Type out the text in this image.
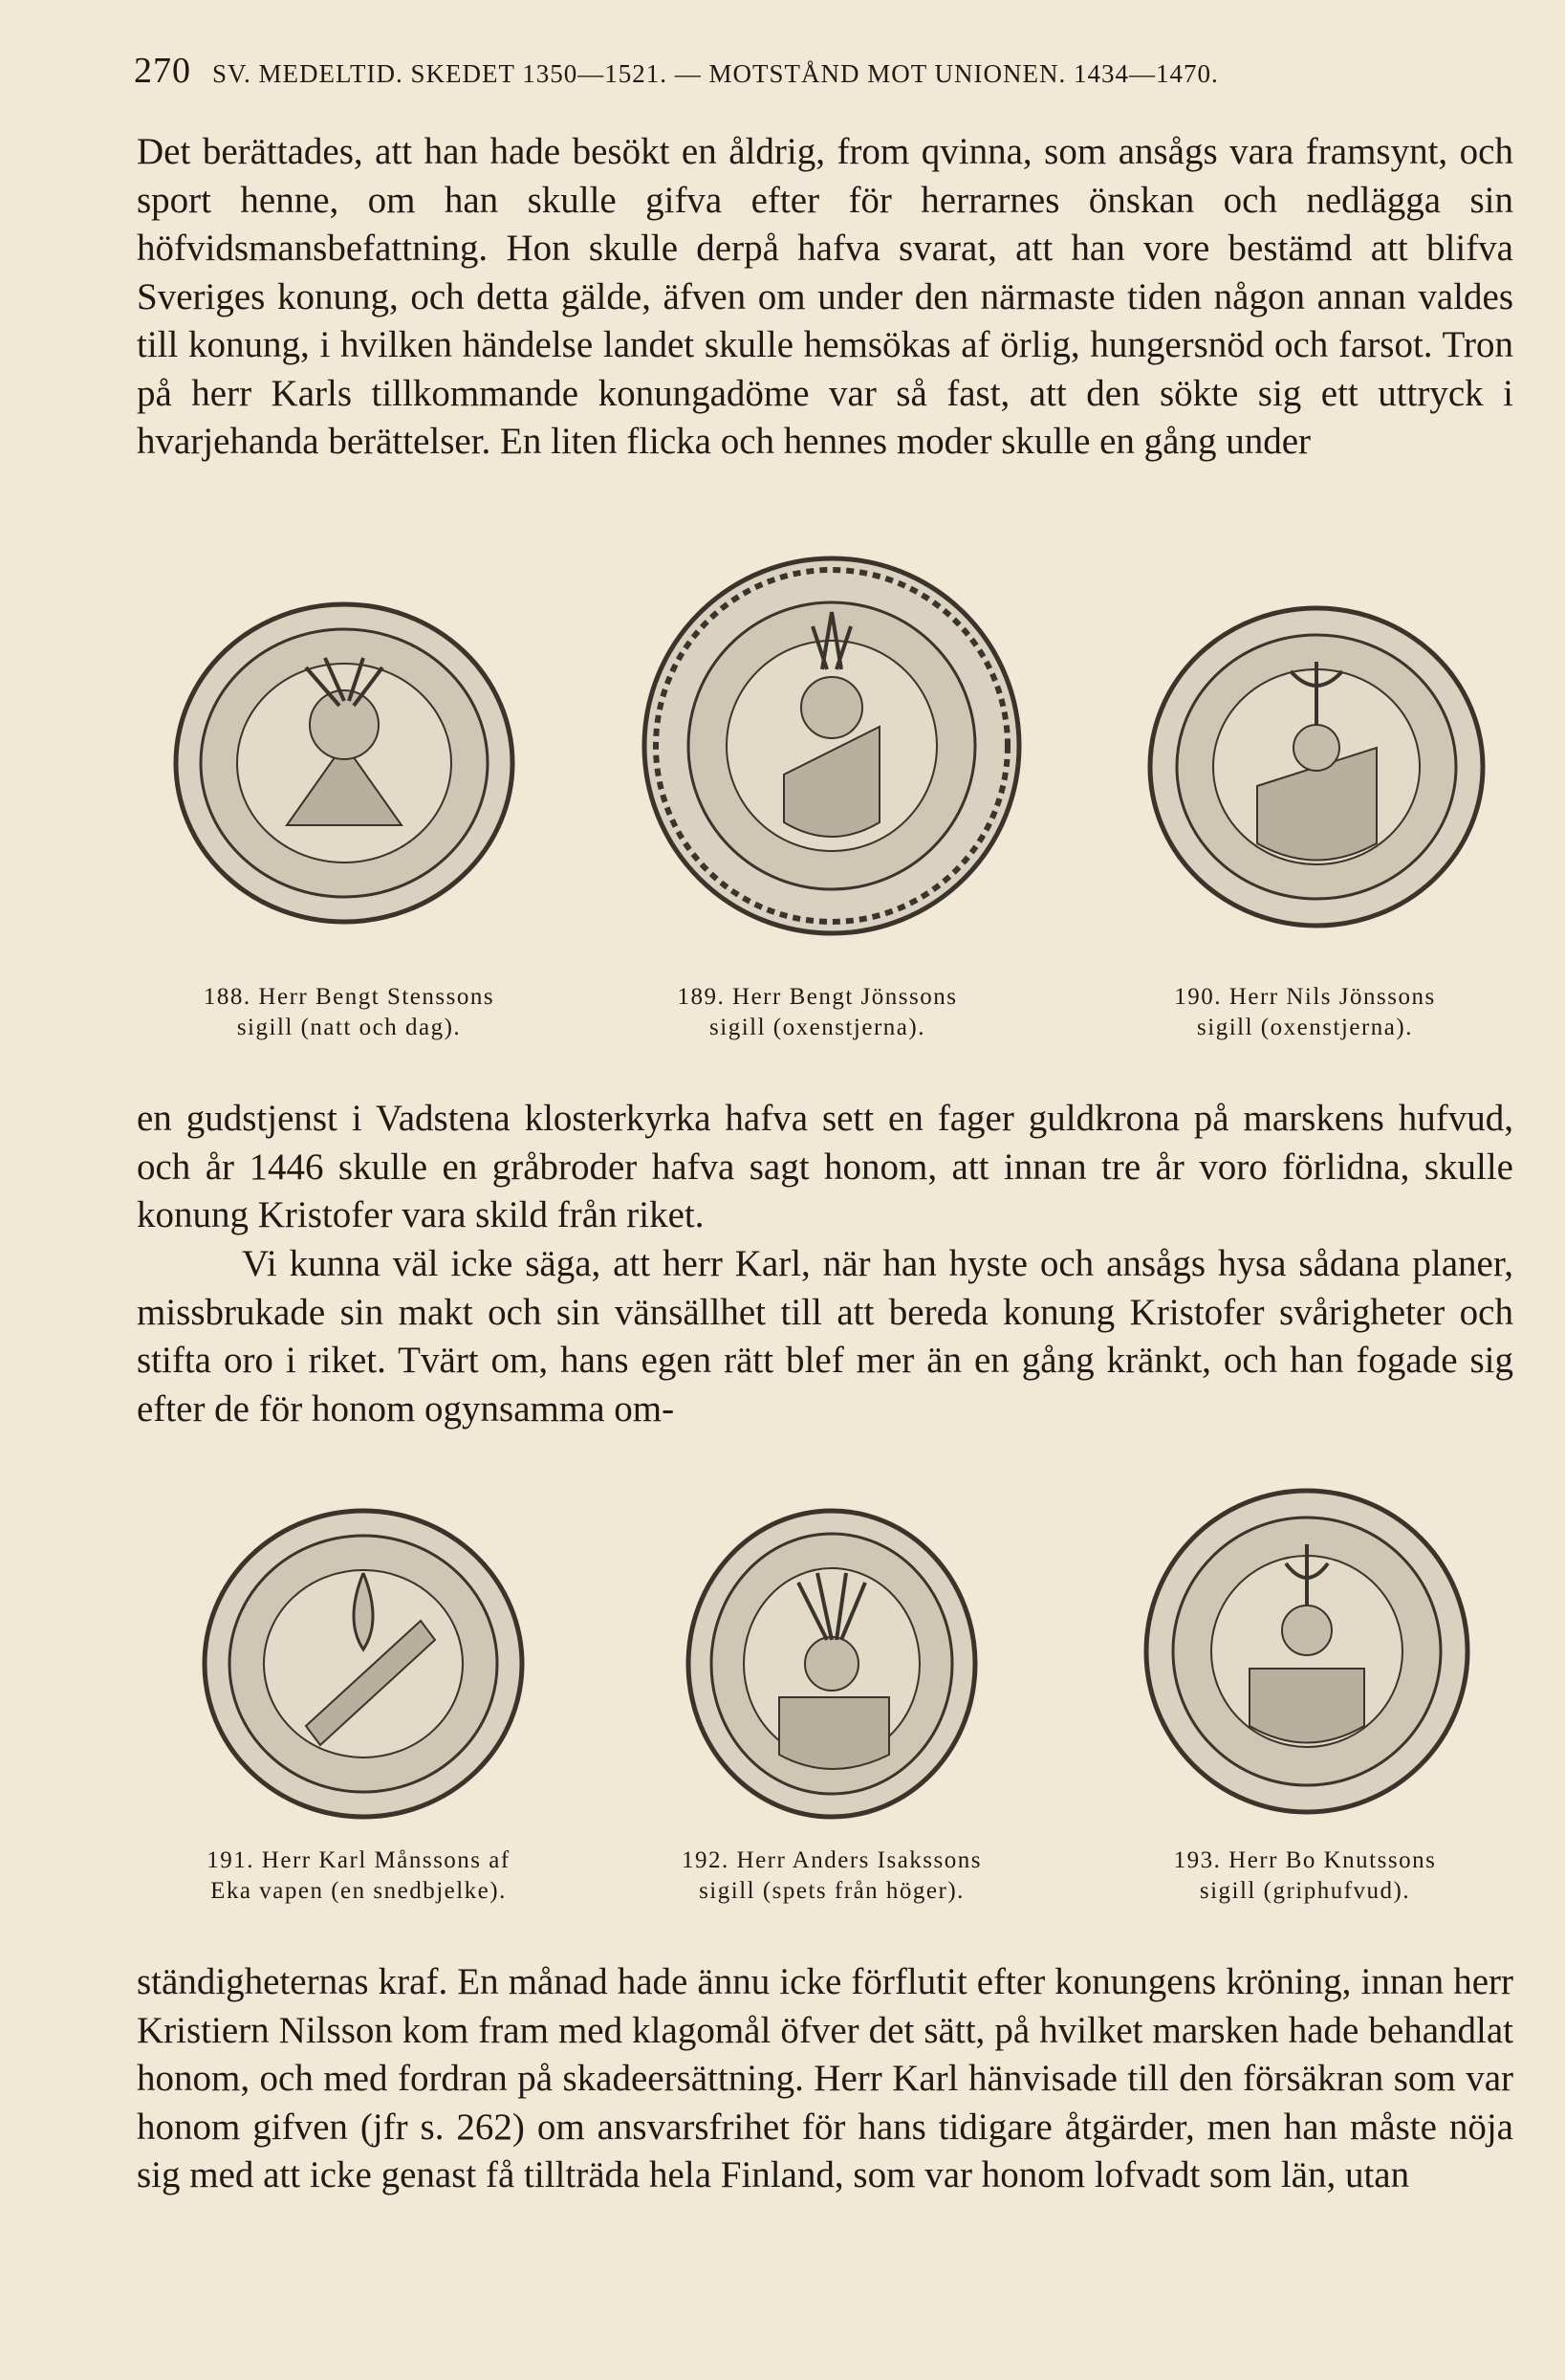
270 SV. MEDELTID. SKEDET 1350—1521. — MOTSTÅND MOT UNIONEN. 1434—1470.
Det berättades, att han hade besökt en åldrig, from qvinna, som ansågs vara framsynt, och sport henne, om han skulle gifva efter för herrarnes önskan och nedlägga sin höfvidsmansbefattning. Hon skulle derpå hafva svarat, att han vore bestämd att blifva Sveriges konung, och detta gälde, äfven om under den närmaste tiden någon annan valdes till konung, i hvilken händelse landet skulle hemsökas af örlig, hungersnöd och farsot. Tron på herr Karls tillkommande konungadöme var så fast, att den sökte sig ett uttryck i hvarjehanda berättelser. En liten flicka och hennes moder skulle en gång under
188. Herr Bengt Stenssons
sigill (natt och dag).
189. Herr Bengt Jönssons
sigill (oxenstjerna).
190. Herr Nils Jönssons
sigill (oxenstjerna).
en gudstjenst i Vadstena klosterkyrka hafva sett en fager guldkrona på marskens hufvud, och år 1446 skulle en gråbroder hafva sagt honom, att innan tre år voro förlidna, skulle konung Kristofer vara skild från riket.
Vi kunna väl icke säga, att herr Karl, när han hyste och ansågs hysa sådana planer, missbrukade sin makt och sin vänsällhet till att bereda konung Kristofer svårigheter och stifta oro i riket. Tvärt om, hans egen rätt blef mer än en gång kränkt, och han fogade sig efter de för honom ogynsamma om-
191. Herr Karl Månssons af
Eka vapen (en snedbjelke).
192. Herr Anders Isakssons
sigill (spets från höger).
193. Herr Bo Knutssons
sigill (griphufvud).
ständigheternas kraf. En månad hade ännu icke förflutit efter konungens kröning, innan herr Kristiern Nilsson kom fram med klagomål öfver det sätt, på hvilket marsken hade behandlat honom, och med fordran på skadeersättning. Herr Karl hänvisade till den försäkran som var honom gifven (jfr s. 262) om ansvarsfrihet för hans tidigare åtgärder, men han måste nöja sig med att icke genast få tillträda hela Finland, som var honom lofvadt som län, utan
